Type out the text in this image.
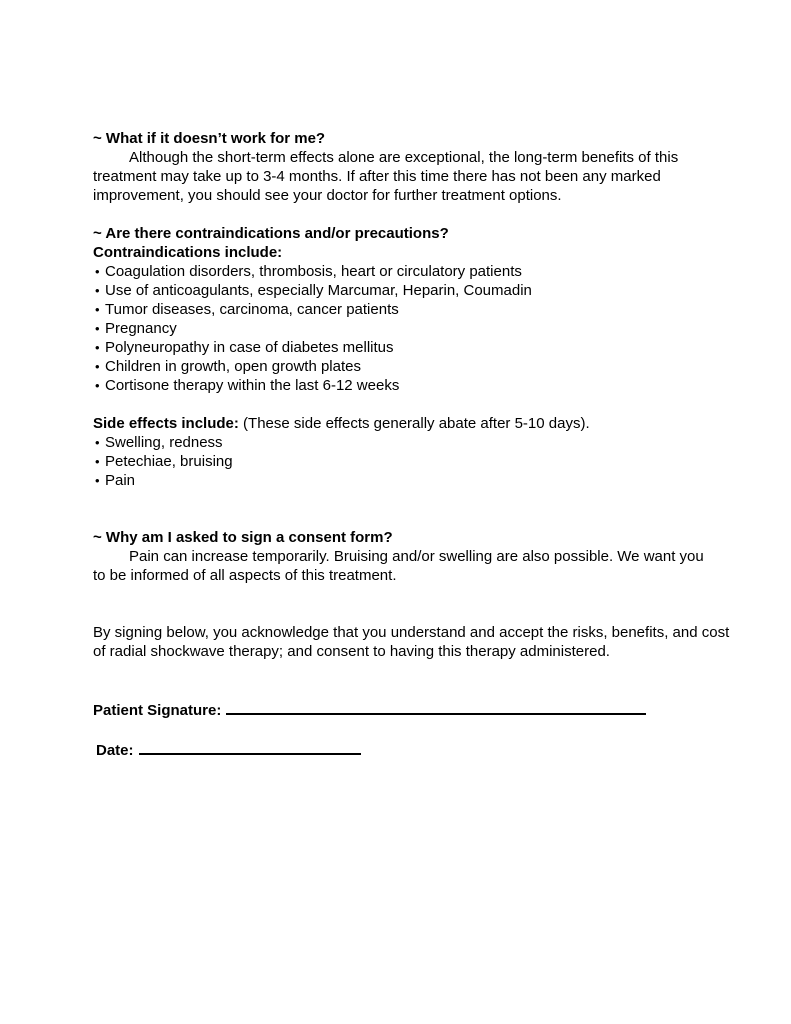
~ What if it doesn’t work for me?
Although the short-term effects alone are exceptional, the long-term benefits of this
treatment may take up to 3-4 months. If after this time there has not been any marked
improvement, you should see your doctor for further treatment options.
~ Are there contraindications and/or precautions?
Contraindications include:
• Coagulation disorders, thrombosis, heart or circulatory patients
• Use of anticoagulants, especially Marcumar, Heparin, Coumadin
• Tumor diseases, carcinoma, cancer patients
• Pregnancy
• Polyneuropathy in case of diabetes mellitus
• Children in growth, open growth plates
• Cortisone therapy within the last 6-12 weeks
Side effects include: (These side effects generally abate after 5-10 days).
• Swelling, redness
• Petechiae, bruising
• Pain
~ Why am I asked to sign a consent form?
Pain can increase temporarily. Bruising and/or swelling are also possible. We want you
to be informed of all aspects of this treatment.
By signing below, you acknowledge that you understand and accept the risks, benefits, and cost
of radial shockwave therapy; and consent to having this therapy administered.
Patient Signature:
Date:
